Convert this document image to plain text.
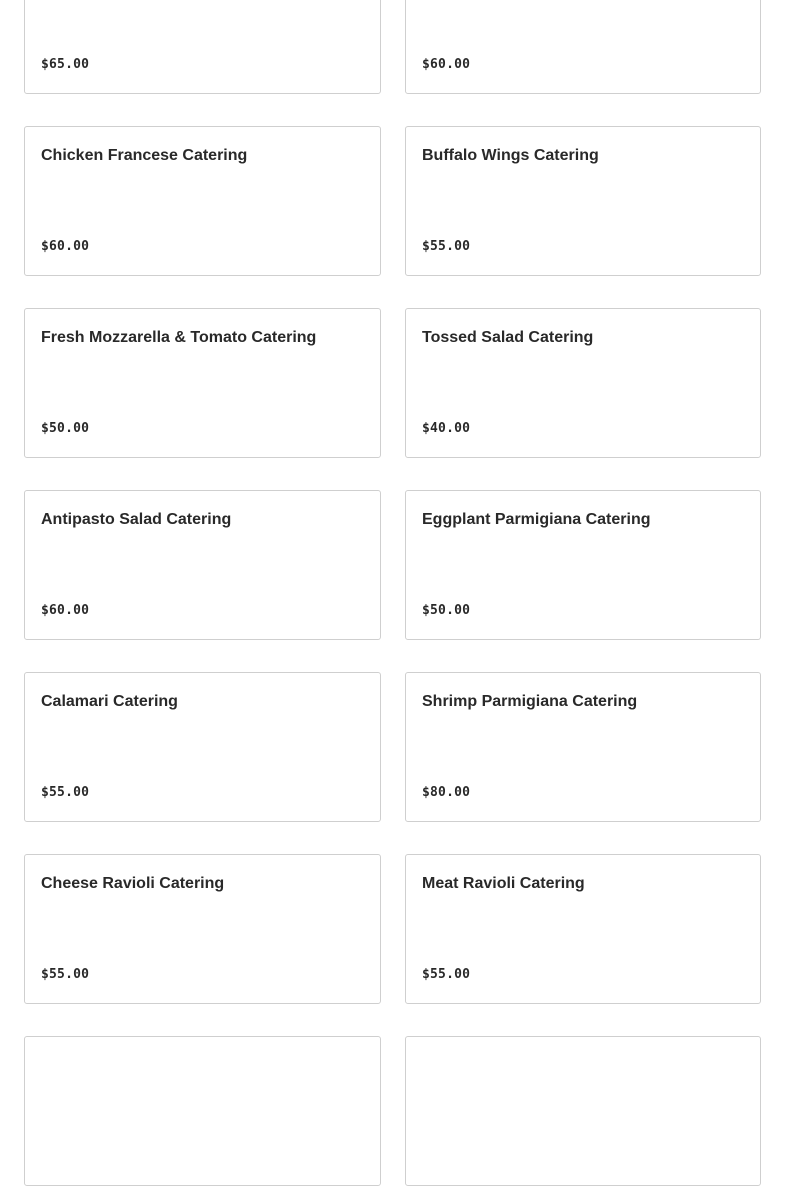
$65.00	$60.00
Chicken Francese Catering
$60.00
Buffalo Wings Catering
$55.00
Fresh Mozzarella & Tomato Catering
$50.00
Tossed Salad Catering
$40.00
Antipasto Salad Catering
$60.00
Eggplant Parmigiana Catering
$50.00
Calamari Catering
$55.00
Shrimp Parmigiana Catering
$80.00
Cheese Ravioli Catering
$55.00
Meat Ravioli Catering
$55.00
